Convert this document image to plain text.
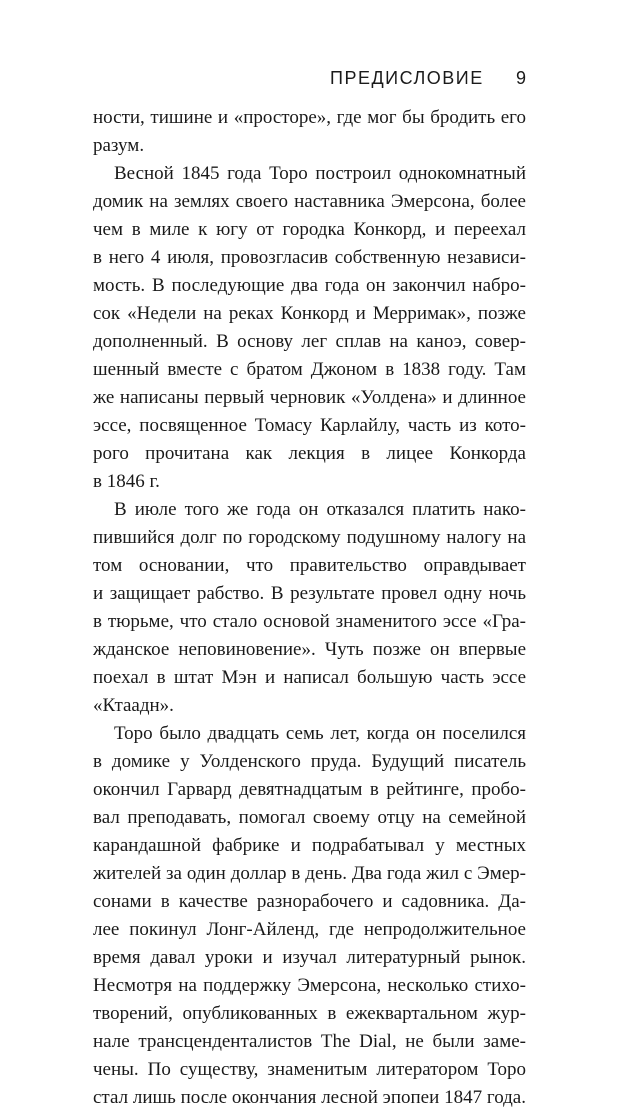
ПРЕДИСЛОВИЕ 9
ности, тишине и «просторе», где мог бы бродить его
разум.
Весной 1845 года Торо построил однокомнатный
домик на землях своего наставника Эмерсона, более
чем в миле к югу от городка Конкорд, и переехал
в него 4 июля, провозгласив собственную независи-
мость. В последующие два года он закончил набро-
сок «Недели на реках Конкорд и Мерримак», позже
дополненный. В основу лег сплав на каноэ, совер-
шенный вместе с братом Джоном в 1838 году. Там
же написаны первый черновик «Уолдена» и длинное
эссе, посвященное Томасу Карлайлу, часть из кото-
рого прочитана как лекция в лицее Конкорда
в 1846 г.
В июле того же года он отказался платить нако-
пившийся долг по городскому подушному налогу на
том основании, что правительство оправдывает
и защищает рабство. В результате провел одну ночь
в тюрьме, что стало основой знаменитого эссе «Гра-
жданское неповиновение». Чуть позже он впервые
поехал в штат Мэн и написал большую часть эссе
«Ктаадн».
Торо было двадцать семь лет, когда он поселился
в домике у Уолденского пруда. Будущий писатель
окончил Гарвард девятнадцатым в рейтинге, пробо-
вал преподавать, помогал своему отцу на семейной
карандашной фабрике и подрабатывал у местных
жителей за один доллар в день. Два года жил с Эмер-
сонами в качестве разнорабочего и садовника. Да-
лее покинул Лонг-Айленд, где непродолжительное
время давал уроки и изучал литературный рынок.
Несмотря на поддержку Эмерсона, несколько стихо-
творений, опубликованных в ежеквартальном жур-
нале трансценденталистов The Dial, не были заме-
чены. По существу, знаменитым литератором Торо
стал лишь после окончания лесной эпопеи 1847 года.
